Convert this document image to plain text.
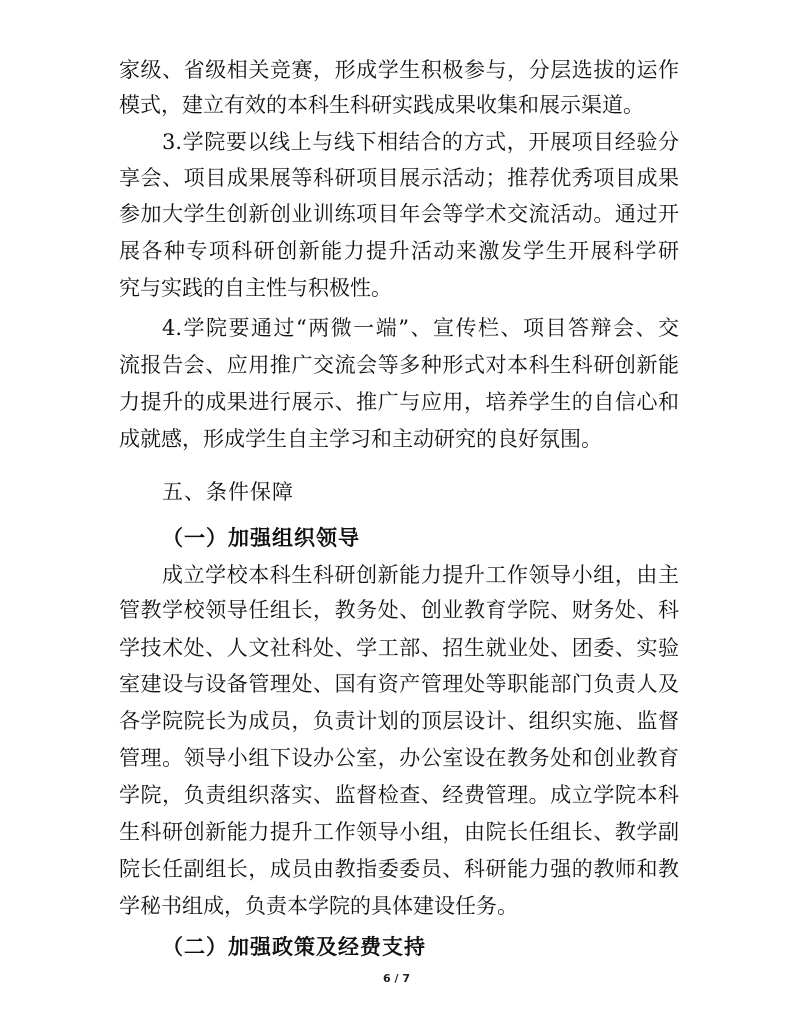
家级、省级相关竞赛，形成学生积极参与，分层选拔的运作
模式，建立有效的本科生科研实践成果收集和展示渠道。
3.学院要以线上与线下相结合的方式，开展项目经验分
享会、项目成果展等科研项目展示活动；推荐优秀项目成果
参加大学生创新创业训练项目年会等学术交流活动。通过开
展各种专项科研创新能力提升活动来激发学生开展科学研
究与实践的自主性与积极性。
4.学院要通过“两微一端”、宣传栏、项目答辩会、交
流报告会、应用推广交流会等多种形式对本科生科研创新能
力提升的成果进行展示、推广与应用，培养学生的自信心和
成就感，形成学生自主学习和主动研究的良好氛围。
五、条件保障
（一）加强组织领导
成立学校本科生科研创新能力提升工作领导小组，由主
管教学校领导任组长，教务处、创业教育学院、财务处、科
学技术处、人文社科处、学工部、招生就业处、团委、实验
室建设与设备管理处、国有资产管理处等职能部门负责人及
各学院院长为成员，负责计划的顶层设计、组织实施、监督
管理。领导小组下设办公室，办公室设在教务处和创业教育
学院，负责组织落实、监督检查、经费管理。成立学院本科
生科研创新能力提升工作领导小组，由院长任组长、教学副
院长任副组长，成员由教指委委员、科研能力强的教师和教
学秘书组成，负责本学院的具体建设任务。
（二）加强政策及经费支持
6 / 7
